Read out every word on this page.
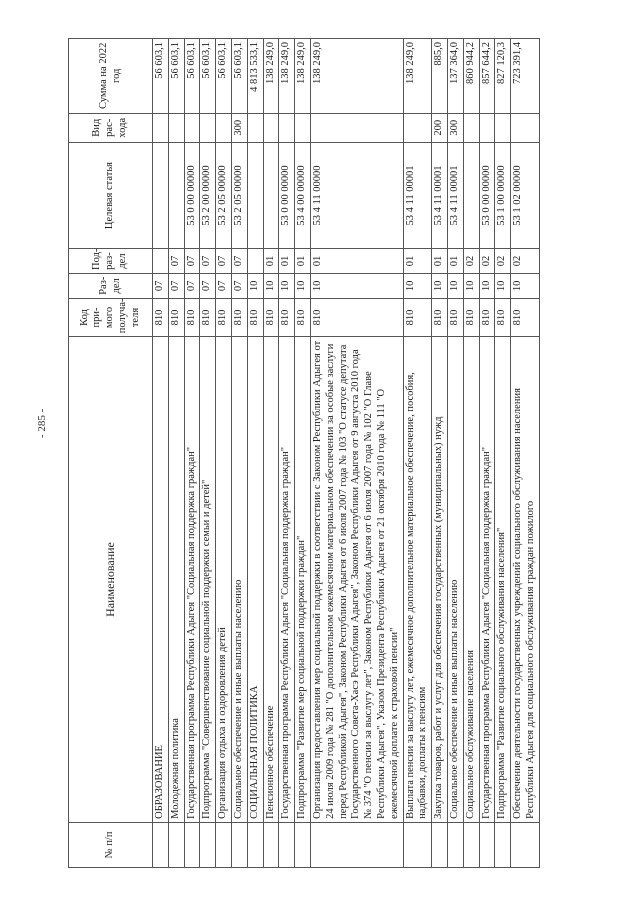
- 285 -
№ п/п	Наименование	Код при-мого получа-теля	Раз-дел	Под-раз-дел	Целевая статья	Вид рас-хода	Сумма на 2022 год
	ОБРАЗОВАНИЕ	810	07				56 603,1
	Молодежная политика	810	07	07			56 603,1
	Государственная программа Республики Адыгея "Социальная поддержка граждан"	810	07	07	53 0 00 00000		56 603,1
	Подпрограмма "Совершенствование социальной поддержки семьи и детей"	810	07	07	53 2 00 00000		56 603,1
	Организация отдыха и оздоровления детей	810	07	07	53 2 05 00000		56 603,1
	Социальное обеспечение и иные выплаты населению	810	07	07	53 2 05 00000	300	56 603,1
	СОЦИАЛЬНАЯ ПОЛИТИКА	810	10				4 813 533,1
	Пенсионное обеспечение	810	10	01			138 249,0
	Государственная программа Республики Адыгея "Социальная поддержка граждан"	810	10	01	53 0 00 00000		138 249,0
	Подпрограмма "Развитие мер социальной поддержки граждан"	810	10	01	53 4 00 00000		138 249,0
	Организация предоставления мер социальной поддержки в соответствии с Законом Республики Адыгея от 24 июля 2009 года № 281 "О дополнительном ежемесячном материальном обеспечении за особые заслуги перед Республикой Адыгея", Законом Республики Адыгея от 6 июля 2007 года № 103 "О статусе депутата Государственного Совета-Хасэ Республики Адыгея", Законом Республики Адыгея от 9 августа 2010 года № 374 "О пенсии за выслугу лет", Законом Республики Адыгея от 6 июля 2007 года № 102 "О Главе Республики Адыгея", Указом Президента Республики Адыгея от 21 октября 2010 года № 111 "О ежемесячной доплате к страховой пенсии"	810	10	01	53 4 11 00000		138 249,0
	Выплата пенсии за выслугу лет, ежемесячное дополнительное материальное обеспечение, пособия, надбавки, доплаты к пенсиям	810	10	01	53 4 11 00001		138 249,0
	Закупка товаров, работ и услуг для обеспечения государственных (муниципальных) нужд	810	10	01	53 4 11 00001	200	885,0
	Социальное обеспечение и иные выплаты населению	810	10	01	53 4 11 00001	300	137 364,0
	Социальное обслуживание населения	810	10	02			860 944,2
	Государственная программа Республики Адыгея "Социальная поддержка граждан"	810	10	02	53 0 00 00000		857 644,2
	Подпрограмма "Развитие социального обслуживания населения"	810	10	02	53 1 00 00000		827 120,3
	Обеспечение деятельности государственных учреждений социального обслуживания населения Республики Адыгея для социального обслуживания граждан пожилого	810	10	02	53 1 02 00000		723 391,4
